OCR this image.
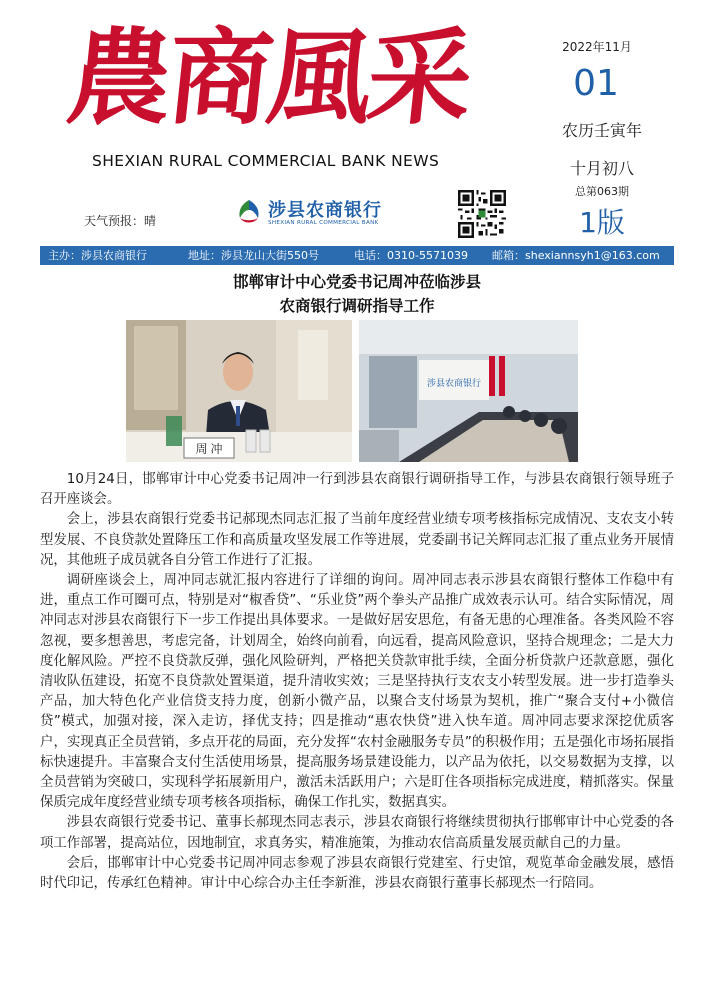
農商風采
SHEXIAN RURAL COMMERCIAL BANK NEWS
天气预报：晴	涉县农商银行
SHEXIAN RURAL COMMERCIAL BANK
2022年11月
01
农历壬寅年
十月初八
总第063期
1版
主办：涉县农商银行	地址：涉县龙山大街550号	电话：0310-5571039 邮箱：shexiannsyh1@163.com
邯郸审计中心党委书记周冲莅临涉县
农商银行调研指导工作
周 冲
涉县农商银行

10月24日，邯郸审计中心党委书记周冲一行到涉县农商银行调研指导工作，与涉县农商银行领导班子召开座谈会。

会上，涉县农商银行党委书记郝现杰同志汇报了当前年度经营业绩专项考核指标完成情况、支农支小转型发展、不良贷款处置降压工作和高质量攻坚发展工作等进展，党委副书记关辉同志汇报了重点业务开展情况，其他班子成员就各自分管工作进行了汇报。

调研座谈会上，周冲同志就汇报内容进行了详细的询问。周冲同志表示涉县农商银行整体工作稳中有进，重点工作可圈可点，特别是对“椒香贷”、“乐业贷”两个拳头产品推广成效表示认可。结合实际情况，周冲同志对涉县农商银行下一步工作提出具体要求。一是做好居安思危，有备无患的心理准备。各类风险不容忽视，要多想善思，考虑完备，计划周全，始终向前看，向远看，提高风险意识，坚持合规理念；二是大力度化解风险。严控不良贷款反弹，强化风险研判，严格把关贷款审批手续，全面分析贷款户还款意愿，强化清收队伍建设，拓宽不良贷款处置渠道，提升清收实效；三是坚持执行支农支小转型发展。进一步打造拳头产品，加大特色化产业信贷支持力度，创新小微产品，以聚合支付场景为契机，推广“聚合支付+小微信贷”模式，加强对接，深入走访，择优支持；四是推动“惠农快贷”进入快车道。周冲同志要求深挖优质客户，实现真正全员营销，多点开花的局面，充分发挥“农村金融服务专员”的积极作用；五是强化市场拓展指标快速提升。丰富聚合支付生活使用场景，提高服务场景建设能力，以产品为依托，以交易数据为支撑，以全员营销为突破口，实现科学拓展新用户，激活未活跃用户；六是盯住各项指标完成进度，精抓落实。保量保质完成年度经营业绩专项考核各项指标，确保工作扎实，数据真实。

涉县农商银行党委书记、董事长郝现杰同志表示，涉县农商银行将继续贯彻执行邯郸审计中心党委的各项工作部署，提高站位，因地制宜，求真务实，精准施策，为推动农信高质量发展贡献自己的力量。

会后，邯郸审计中心党委书记周冲同志参观了涉县农商银行党建室、行史馆，观览革命金融发展，感悟时代印记，传承红色精神。审计中心综合办主任李新淮，涉县农商银行董事长郝现杰一行陪同。
